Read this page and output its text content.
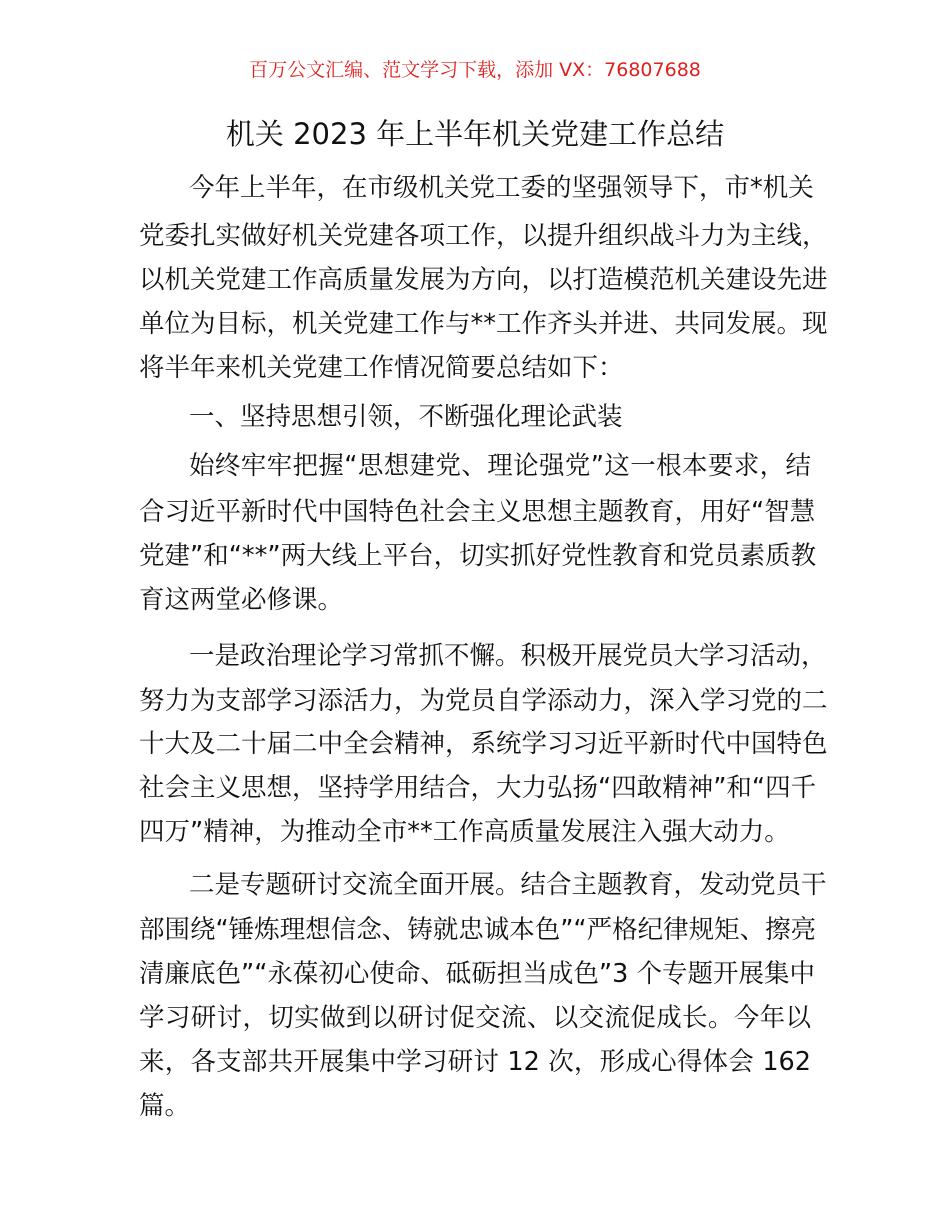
百万公文汇编、范文学习下载，添加 VX：76807688
机关 2023 年上半年机关党建工作总结
今年上半年，在市级机关党工委的坚强领导下，市*机关
党委扎实做好机关党建各项工作，以提升组织战斗力为主线，
以机关党建工作高质量发展为方向，以打造模范机关建设先进
单位为目标，机关党建工作与**工作齐头并进、共同发展。现
将半年来机关党建工作情况简要总结如下：
一、坚持思想引领，不断强化理论武装
始终牢牢把握“思想建党、理论强党”这一根本要求，结
合习近平新时代中国特色社会主义思想主题教育，用好“智慧
党建”和“**”两大线上平台，切实抓好党性教育和党员素质教
育这两堂必修课。
一是政治理论学习常抓不懈。积极开展党员大学习活动，
努力为支部学习添活力，为党员自学添动力，深入学习党的二
十大及二十届二中全会精神，系统学习习近平新时代中国特色
社会主义思想，坚持学用结合，大力弘扬“四敢精神”和“四千
四万”精神，为推动全市**工作高质量发展注入强大动力。
二是专题研讨交流全面开展。结合主题教育，发动党员干
部围绕“锤炼理想信念、铸就忠诚本色”“严格纪律规矩、擦亮
清廉底色”“永葆初心使命、砥砺担当成色”3 个专题开展集中
学习研讨，切实做到以研讨促交流、以交流促成长。今年以
来，各支部共开展集中学习研讨 12 次，形成心得体会 162
篇。
